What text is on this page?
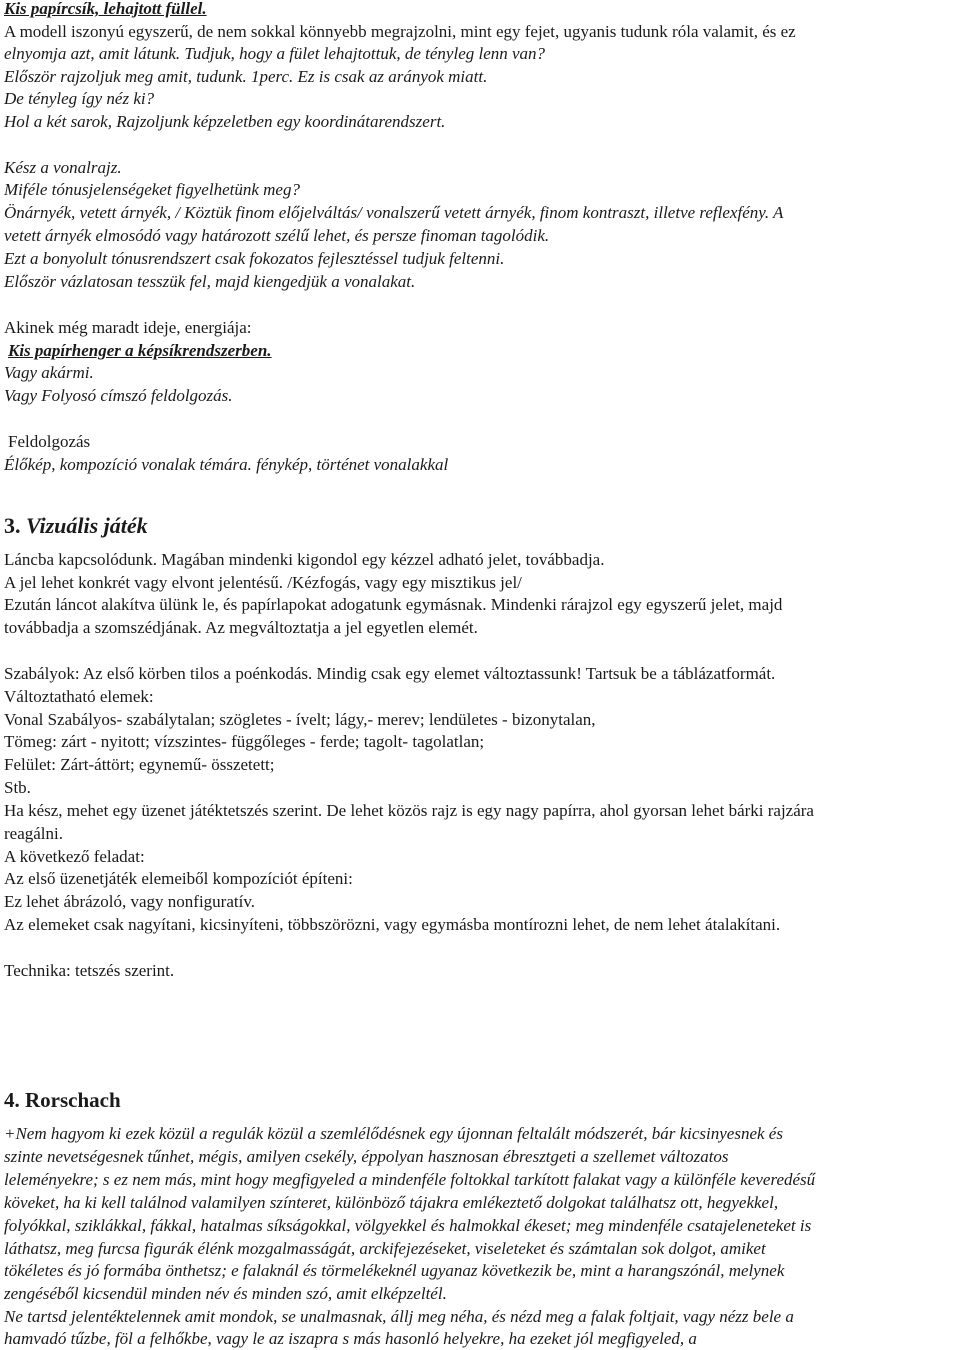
Kis papírcsík, lehajtott füllel.
A modell iszonyú egyszerű, de nem sokkal könnyebb megrajzolni, mint egy fejet, ugyanis tudunk róla valamit, és ez
elnyomja azt, amit látunk. Tudjuk, hogy a fület lehajtottuk, de tényleg lenn van?
Először rajzoljuk meg amit, tudunk. 1perc. Ez is csak az arányok miatt.
De tényleg így néz ki?
Hol a két sarok, Rajzoljunk képzeletben egy koordinátarendszert.
Kész a vonalrajz.
Miféle tónusjelenségeket figyelhetünk meg?
Önárnyék, vetett árnyék, / Köztük finom előjelváltás/ vonalszerű vetett árnyék, finom kontraszt, illetve reflexfény. A
vetett árnyék elmosódó vagy határozott szélű lehet, és persze finoman tagolódik.
Ezt a bonyolult tónusrendszert csak fokozatos fejlesztéssel tudjuk feltenni.
Először vázlatosan tesszük fel, majd kiengedjük a vonalakat.
Akinek még maradt ideje, energiája:
Kis papírhenger a képsíkrendszerben.
Vagy akármi.
Vagy Folyosó címszó feldolgozás.
Feldolgozás
Élőkép, kompozíció vonalak témára. fénykép, történet vonalakkal
3. Vizuális játék
Láncba kapcsolódunk. Magában mindenki kigondol egy kézzel adható jelet, továbbadja.
A jel lehet konkrét vagy elvont jelentésű. /Kézfogás, vagy egy misztikus jel/
Ezután láncot alakítva ülünk le, és papírlapokat adogatunk egymásnak. Mindenki rárajzol egy egyszerű jelet, majd
továbbadja a szomszédjának. Az megváltoztatja a jel egyetlen elemét.
Szabályok: Az első körben tilos a poénkodás. Mindig csak egy elemet változtassunk! Tartsuk be a táblázatformát.
Változtatható elemek:
Vonal Szabályos- szabálytalan; szögletes - ívelt; lágy,- merev; lendületes - bizonytalan,
Tömeg: zárt - nyitott; vízszintes- függőleges - ferde; tagolt- tagolatlan;
Felület: Zárt-áttört; egynemű- összetett;
Stb.
Ha kész, mehet egy üzenet játéktetszés szerint. De lehet közös rajz is egy nagy papírra, ahol gyorsan lehet bárki rajzára
reagálni.
A következő feladat:
Az első üzenetjáték elemeiből kompozíciót építeni:
Ez lehet ábrázoló, vagy nonfiguratív.
Az elemeket csak nagyítani, kicsinyíteni, többszörözni, vagy egymásba montírozni lehet, de nem lehet átalakítani.
Technika: tetszés szerint.
4. Rorschach
+Nem hagyom ki ezek közül a regulák közül a szemlélődésnek egy újonnan feltalált módszerét, bár kicsinyesnek és
szinte nevetségesnek tűnhet, mégis, amilyen csekély, éppolyan hasznosan ébresztgeti a szellemet változatos
leleményekre; s ez nem más, mint hogy megfigyeled a mindenféle foltokkal tarkított falakat vagy a különféle keveredésű
köveket, ha ki kell találnod valamilyen színteret, különböző tájakra emlékeztető dolgokat találhatsz ott, hegyekkel,
folyókkal, sziklákkal, fákkal, hatalmas síkságokkal, völgyekkel és halmokkal ékeset; meg mindenféle csatajeleneteket is
láthatsz, meg furcsa figurák élénk mozgalmasságát, arckifejezéseket, viseleteket és számtalan sok dolgot, amiket
tökéletes és jó formába önthetsz; e falaknál és törmelékeknél ugyanaz következik be, mint a harangszónál, melynek
zengéséből kicsendül minden név és minden szó, amit elképzeltél.
Ne tartsd jelentéktelennek amit mondok, se unalmasnak, állj meg néha, és nézd meg a falak foltjait, vagy nézz bele a
hamvadó tűzbe, föl a felhőkbe, vagy le az iszapra s más hasonló helyekre, ha ezeket jól megfigyeled, a
